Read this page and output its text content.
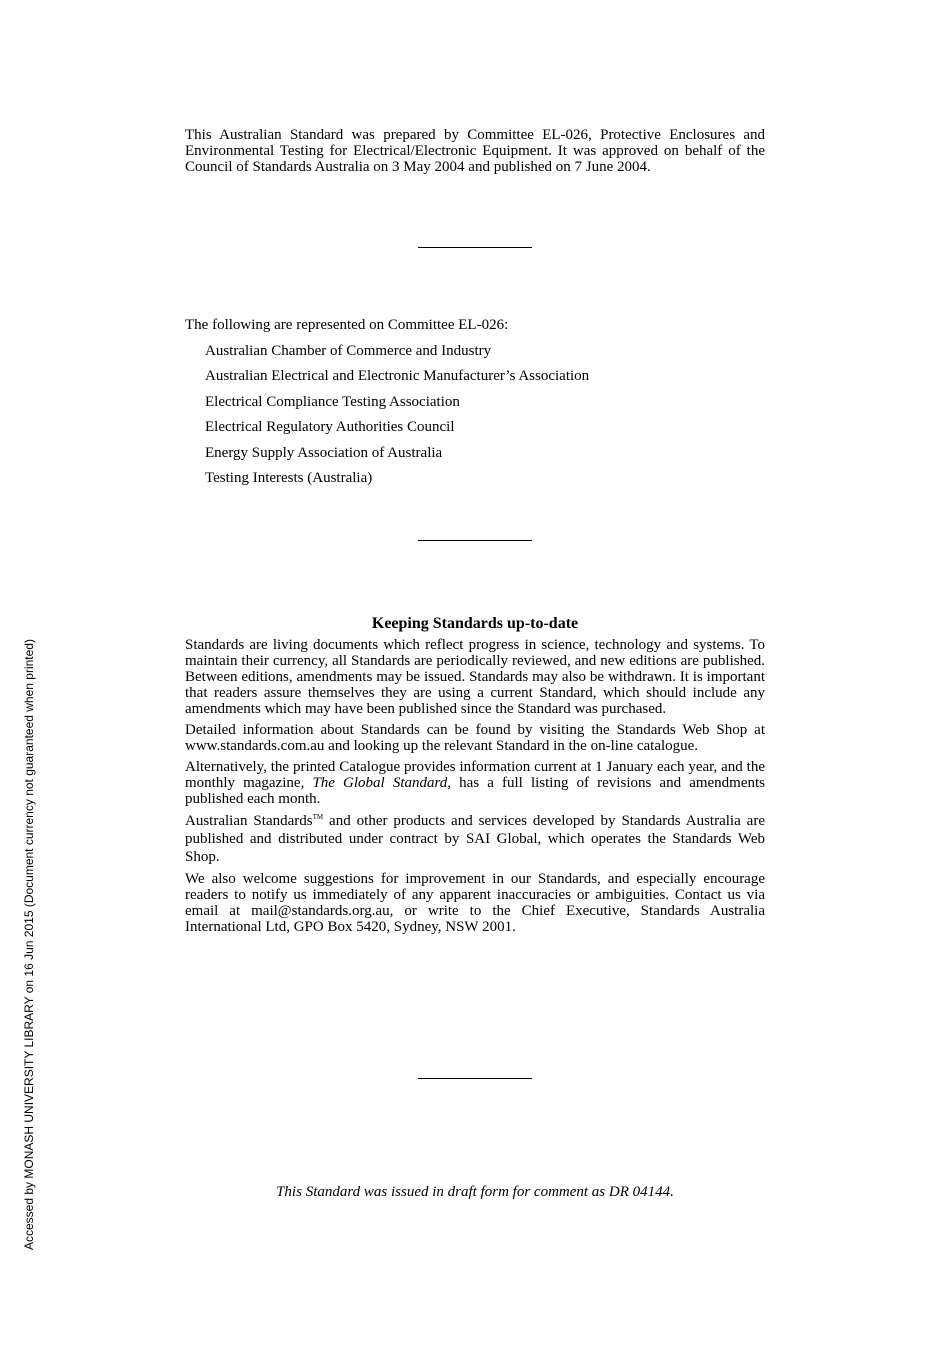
This Australian Standard was prepared by Committee EL-026, Protective Enclosures and Environmental Testing for Electrical/Electronic Equipment. It was approved on behalf of the Council of Standards Australia on 3 May 2004 and published on 7 June 2004.

The following are represented on Committee EL-026:

Australian Chamber of Commerce and Industry
Australian Electrical and Electronic Manufacturer’s Association
Electrical Compliance Testing Association
Electrical Regulatory Authorities Council
Energy Supply Association of Australia
Testing Interests (Australia)
Keeping Standards up-to-date

Standards are living documents which reflect progress in science, technology and systems. To maintain their currency, all Standards are periodically reviewed, and new editions are published. Between editions, amendments may be issued. Standards may also be withdrawn. It is important that readers assure themselves they are using a current Standard, which should include any amendments which may have been published since the Standard was purchased.

Detailed information about Standards can be found by visiting the Standards Web Shop at www.standards.com.au and looking up the relevant Standard in the on-line catalogue.

Alternatively, the printed Catalogue provides information current at 1 January each year, and the monthly magazine, The Global Standard, has a full listing of revisions and amendments published each month.

Australian Standards™ and other products and services developed by Standards Australia are published and distributed under contract by SAI Global, which operates the Standards Web Shop.

We also welcome suggestions for improvement in our Standards, and especially encourage readers to notify us immediately of any apparent inaccuracies or ambiguities. Contact us via email at mail@standards.org.au, or write to the Chief Executive, Standards Australia International Ltd, GPO Box 5420, Sydney, NSW 2001.

This Standard was issued in draft form for comment as DR 04144.
Accessed by MONASH UNIVERSITY LIBRARY on 16 Jun 2015 (Document currency not guaranteed when printed)
